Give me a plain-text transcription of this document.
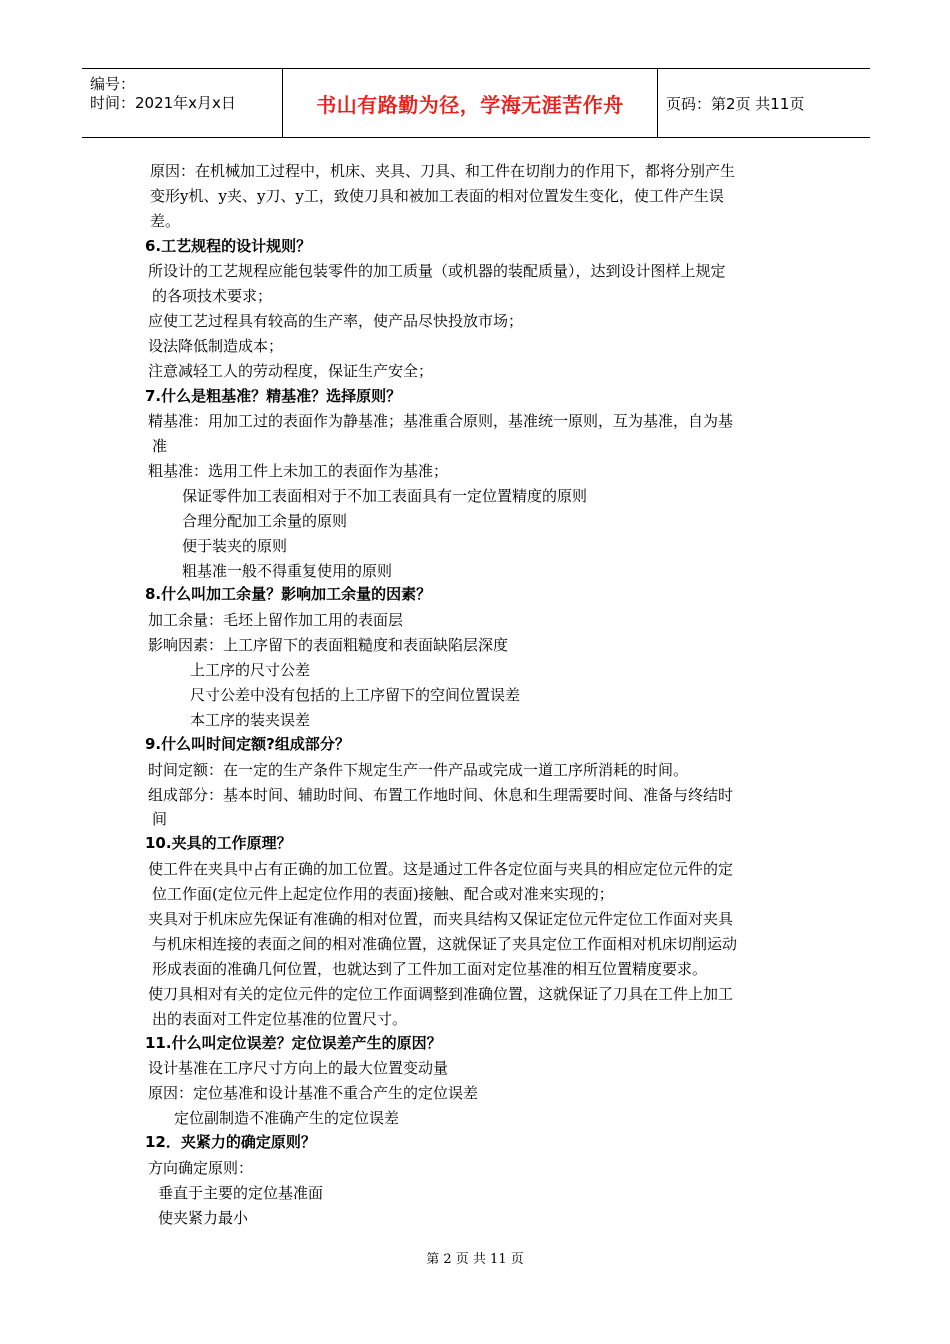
编号：
时间：2021年x月x日	书山有路勤为径，学海无涯苦作舟	页码：第2页 共11页
原因：在机械加工过程中，机床、夹具、刀具、和工件在切削力的作用下，都将分别产生
变形y机、y夹、y刀、y工，致使刀具和被加工表面的相对位置发生变化，使工件产生误
差。
6.工艺规程的设计规则？
所设计的工艺规程应能包装零件的加工质量（或机器的装配质量），达到设计图样上规定
的各项技术要求；
应使工艺过程具有较高的生产率，使产品尽快投放市场；
设法降低制造成本；
注意减轻工人的劳动程度，保证生产安全；
7.什么是粗基准？精基准？选择原则？
精基准：用加工过的表面作为静基准；基准重合原则，基准统一原则，互为基准，自为基
准
粗基准：选用工件上未加工的表面作为基准；
保证零件加工表面相对于不加工表面具有一定位置精度的原则
合理分配加工余量的原则
便于装夹的原则
粗基准一般不得重复使用的原则
8.什么叫加工余量？影响加工余量的因素？
加工余量：毛坯上留作加工用的表面层
影响因素：上工序留下的表面粗糙度和表面缺陷层深度
上工序的尺寸公差
尺寸公差中没有包括的上工序留下的空间位置误差
本工序的装夹误差
9.什么叫时间定额?组成部分？
时间定额：在一定的生产条件下规定生产一件产品或完成一道工序所消耗的时间。
组成部分：基本时间、辅助时间、布置工作地时间、休息和生理需要时间、准备与终结时
间
10.夹具的工作原理？
使工件在夹具中占有正确的加工位置。这是通过工件各定位面与夹具的相应定位元件的定
位工作面(定位元件上起定位作用的表面)接触、配合或对准来实现的；
夹具对于机床应先保证有准确的相对位置，而夹具结构又保证定位元件定位工作面对夹具
与机床相连接的表面之间的相对准确位置，这就保证了夹具定位工作面相对机床切削运动
形成表面的准确几何位置，也就达到了工件加工面对定位基准的相互位置精度要求。
使刀具相对有关的定位元件的定位工作面调整到准确位置，这就保证了刀具在工件上加工
出的表面对工件定位基准的位置尺寸。
11.什么叫定位误差？定位误差产生的原因？
设计基准在工序尺寸方向上的最大位置变动量
原因：定位基准和设计基准不重合产生的定位误差
定位副制造不准确产生的定位误差
12．夹紧力的确定原则？
方向确定原则：
垂直于主要的定位基准面
使夹紧力最小
第 2 页 共 11 页
